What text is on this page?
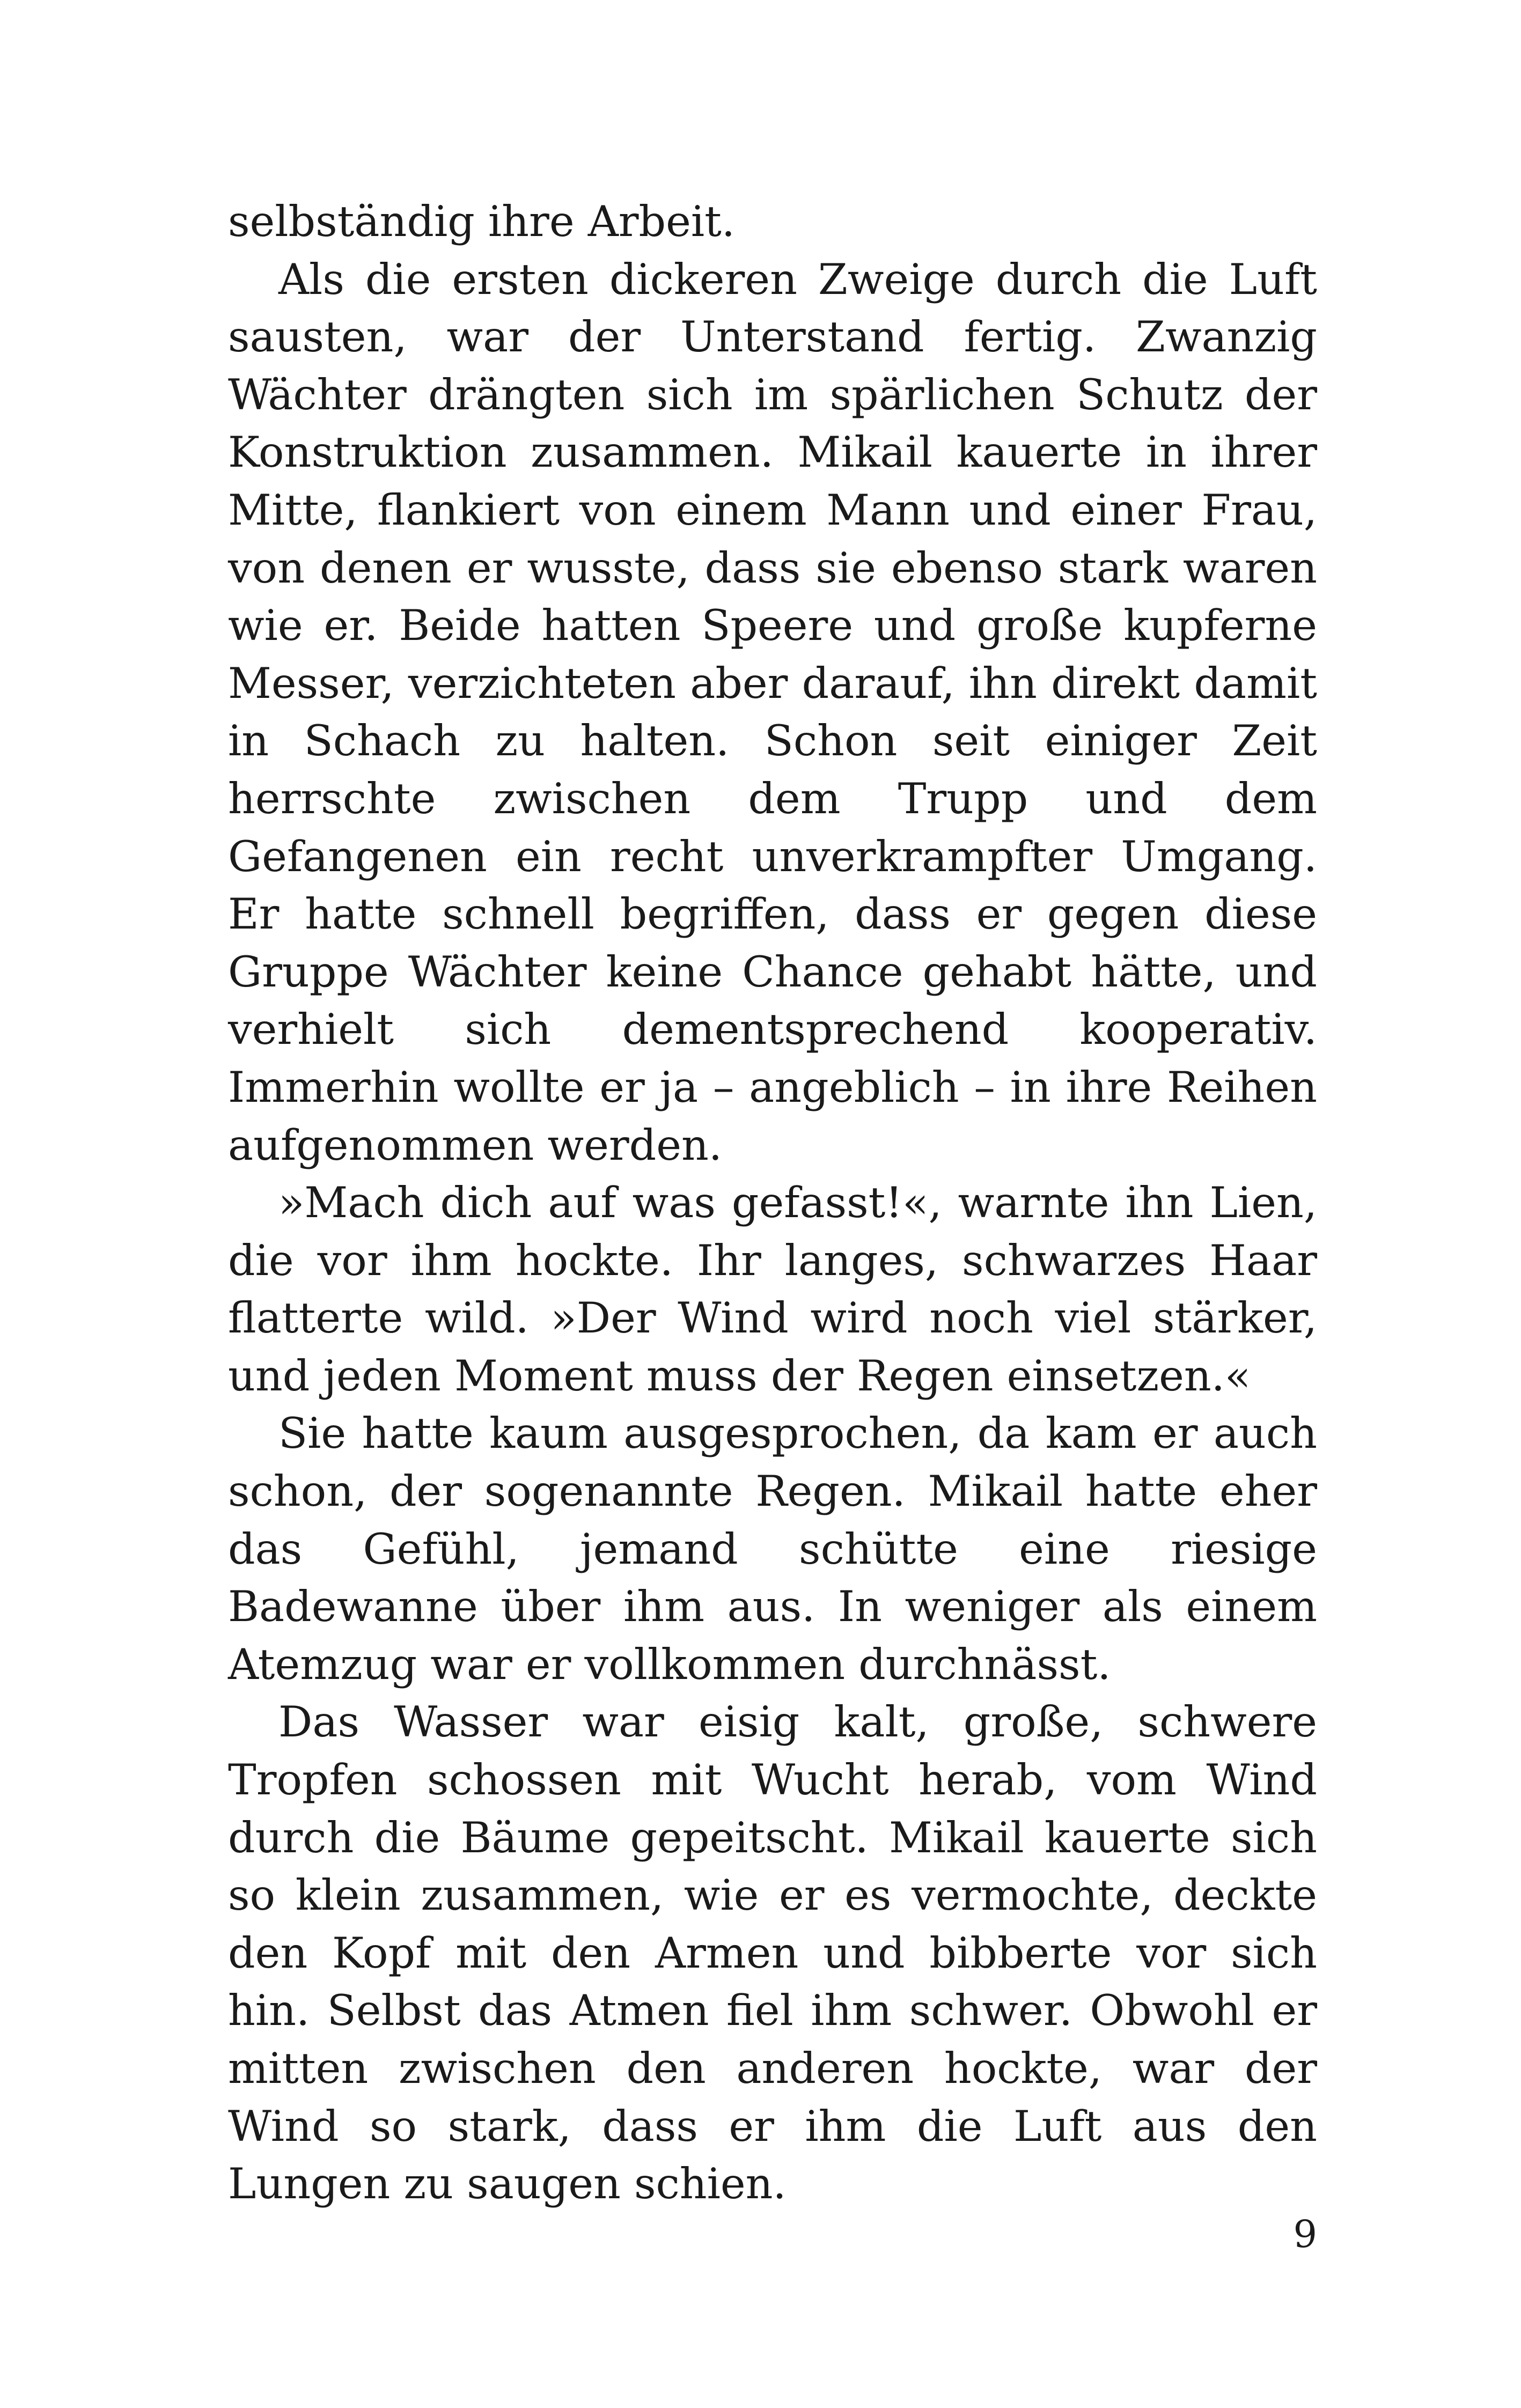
selbständig ihre Arbeit.

Als die ersten dickeren Zweige durch die Luft sausten, war der Unterstand fertig. Zwanzig Wächter drängten sich im spärlichen Schutz der Konstruktion zusammen. Mikail kauerte in ihrer Mitte, flankiert von einem Mann und einer Frau, von denen er wusste, dass sie ebenso stark waren wie er. Beide hatten Speere und große kupferne Messer, verzichteten aber darauf, ihn direkt damit in Schach zu halten. Schon seit einiger Zeit herrschte zwischen dem Trupp und dem Gefangenen ein recht unverkrampfter Umgang. Er hatte schnell begriffen, dass er gegen diese Gruppe Wächter keine Chance gehabt hätte, und verhielt sich dementsprechend kooperativ. Immerhin wollte er ja – angeblich – in ihre Reihen aufgenommen werden.

»Mach dich auf was gefasst!«, warnte ihn Lien, die vor ihm hockte. Ihr langes, schwarzes Haar flatterte wild. »Der Wind wird noch viel stärker, und jeden Moment muss der Regen einsetzen.«

Sie hatte kaum ausgesprochen, da kam er auch schon, der sogenannte Regen. Mikail hatte eher das Gefühl, jemand schütte eine riesige Badewanne über ihm aus. In weniger als einem Atemzug war er vollkommen durchnässt.

Das Wasser war eisig kalt, große, schwere Tropfen schossen mit Wucht herab, vom Wind durch die Bäume gepeitscht. Mikail kauerte sich so klein zusammen, wie er es vermochte, deckte den Kopf mit den Armen und bibberte vor sich hin. Selbst das Atmen fiel ihm schwer. Obwohl er mitten zwischen den anderen hockte, war der Wind so stark, dass er ihm die Luft aus den Lungen zu saugen schien.

9
